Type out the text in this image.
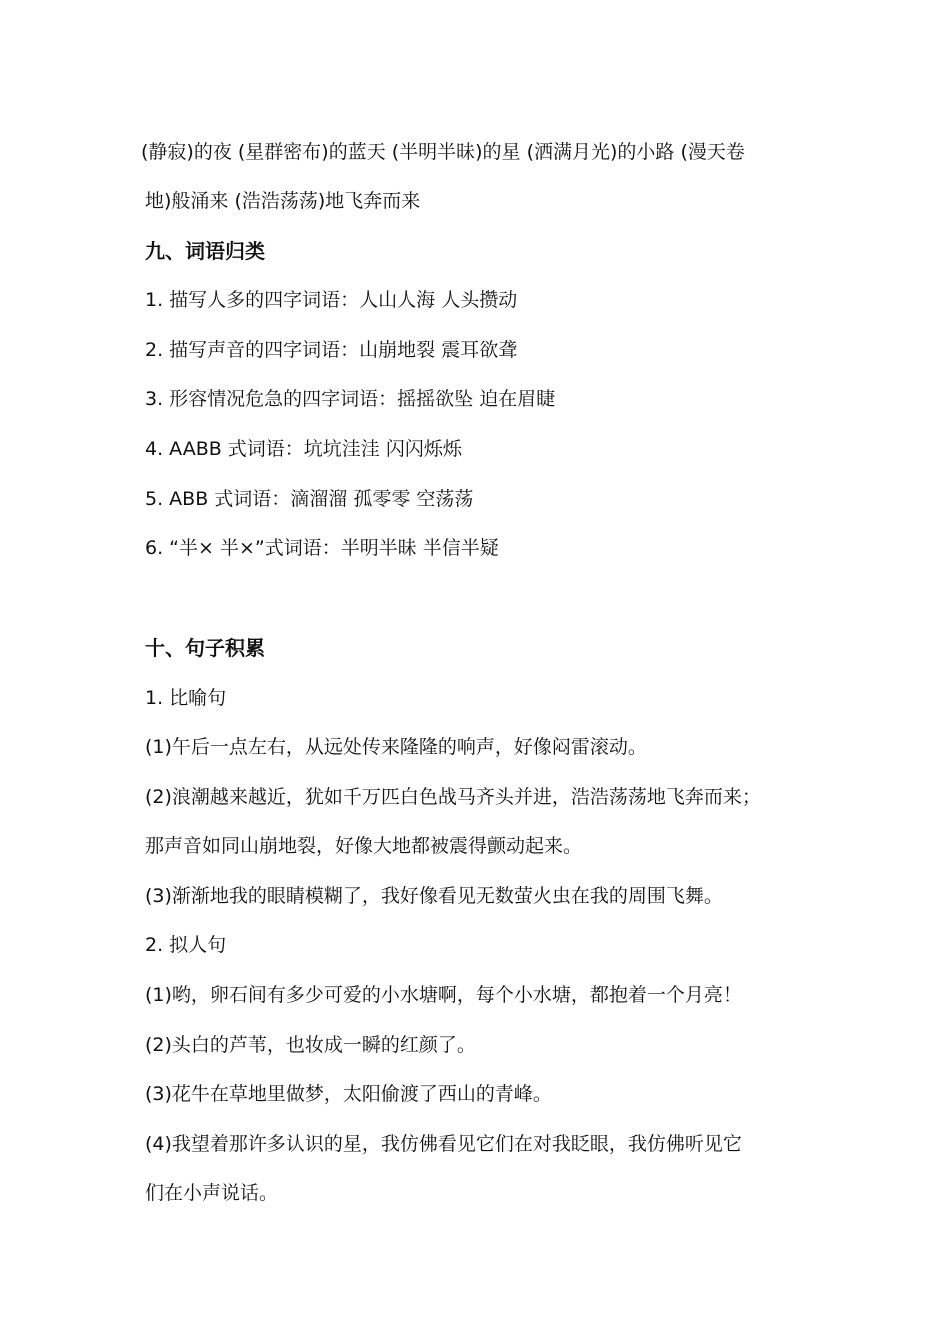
(静寂)的夜 (星群密布)的蓝天 (半明半昧)的星 (洒满月光)的小路 (漫天卷
地)般涌来 (浩浩荡荡)地飞奔而来
九、词语归类
1. 描写人多的四字词语：人山人海 人头攒动
2. 描写声音的四字词语：山崩地裂 震耳欲聋
3. 形容情况危急的四字词语：摇摇欲坠 迫在眉睫
4. AABB 式词语：坑坑洼洼 闪闪烁烁
5. ABB 式词语：滴溜溜 孤零零 空荡荡
6. “半× 半×”式词语：半明半昧 半信半疑
十、句子积累
1. 比喻句
(1)午后一点左右，从远处传来隆隆的响声，好像闷雷滚动。
(2)浪潮越来越近，犹如千万匹白色战马齐头并进，浩浩荡荡地飞奔而来；
那声音如同山崩地裂，好像大地都被震得颤动起来。
(3)渐渐地我的眼睛模糊了，我好像看见无数萤火虫在我的周围飞舞。
2. 拟人句
(1)哟，卵石间有多少可爱的小水塘啊，每个小水塘，都抱着一个月亮！
(2)头白的芦苇，也妆成一瞬的红颜了。
(3)花牛在草地里做梦，太阳偷渡了西山的青峰。
(4)我望着那许多认识的星，我仿佛看见它们在对我眨眼，我仿佛听见它
们在小声说话。
